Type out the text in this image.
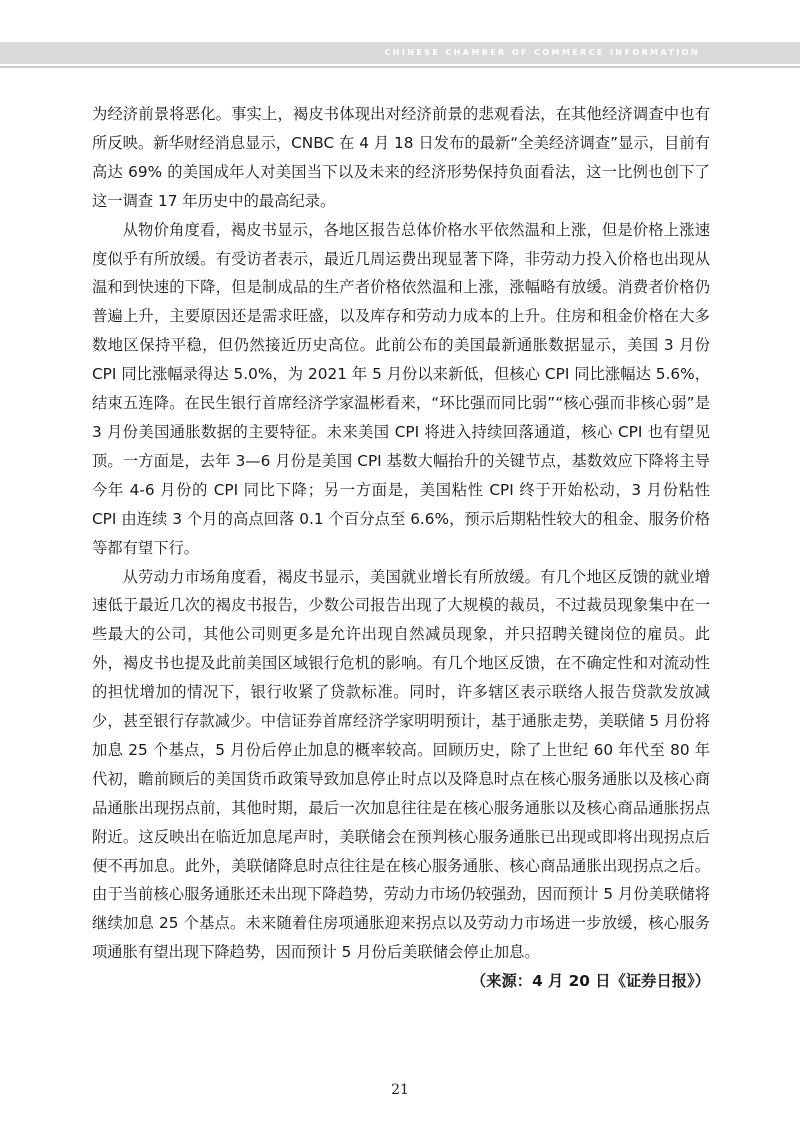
CHINESE CHAMBER OF COMMERCE INFORMATION

为经济前景将恶化。事实上，褐皮书体现出对经济前景的悲观看法，在其他经济调查中也有所反映。新华财经消息显示，CNBC 在 4 月 18 日发布的最新“全美经济调查”显示，目前有高达 69% 的美国成年人对美国当下以及未来的经济形势保持负面看法，这一比例也创下了这一调查 17 年历史中的最高纪录。

从物价角度看，褐皮书显示，各地区报告总体价格水平依然温和上涨，但是价格上涨速度似乎有所放缓。有受访者表示，最近几周运费出现显著下降，非劳动力投入价格也出现从温和到快速的下降，但是制成品的生产者价格依然温和上涨，涨幅略有放缓。消费者价格仍普遍上升，主要原因还是需求旺盛，以及库存和劳动力成本的上升。住房和租金价格在大多数地区保持平稳，但仍然接近历史高位。此前公布的美国最新通胀数据显示，美国 3 月份 CPI 同比涨幅录得达 5.0%，为 2021 年 5 月份以来新低，但核心 CPI 同比涨幅达 5.6%，结束五连降。在民生银行首席经济学家温彬看来，“环比强而同比弱”“核心强而非核心弱”是 3 月份美国通胀数据的主要特征。未来美国 CPI 将进入持续回落通道，核心 CPI 也有望见顶。一方面是，去年 3—6 月份是美国 CPI 基数大幅抬升的关键节点，基数效应下降将主导今年 4-6 月份的 CPI 同比下降；另一方面是，美国粘性 CPI 终于开始松动，3 月份粘性 CPI 由连续 3 个月的高点回落 0.1 个百分点至 6.6%，预示后期粘性较大的租金、服务价格等都有望下行。

从劳动力市场角度看，褐皮书显示，美国就业增长有所放缓。有几个地区反馈的就业增速低于最近几次的褐皮书报告，少数公司报告出现了大规模的裁员，不过裁员现象集中在一些最大的公司，其他公司则更多是允许出现自然减员现象，并只招聘关键岗位的雇员。此外，褐皮书也提及此前美国区域银行危机的影响。有几个地区反馈，在不确定性和对流动性的担忧增加的情况下，银行收紧了贷款标准。同时，许多辖区表示联络人报告贷款发放减少，甚至银行存款减少。中信证券首席经济学家明明预计，基于通胀走势，美联储 5 月份将加息 25 个基点，5 月份后停止加息的概率较高。回顾历史，除了上世纪 60 年代至 80 年代初，瞻前顾后的美国货币政策导致加息停止时点以及降息时点在核心服务通胀以及核心商品通胀出现拐点前，其他时期，最后一次加息往往是在核心服务通胀以及核心商品通胀拐点附近。这反映出在临近加息尾声时，美联储会在预判核心服务通胀已出现或即将出现拐点后便不再加息。此外，美联储降息时点往往是在核心服务通胀、核心商品通胀出现拐点之后。由于当前核心服务通胀还未出现下降趋势，劳动力市场仍较强劲，因而预计 5 月份美联储将继续加息 25 个基点。未来随着住房项通胀迎来拐点以及劳动力市场进一步放缓，核心服务项通胀有望出现下降趋势，因而预计 5 月份后美联储会停止加息。

（来源：4 月 20 日《证券日报》）

21
